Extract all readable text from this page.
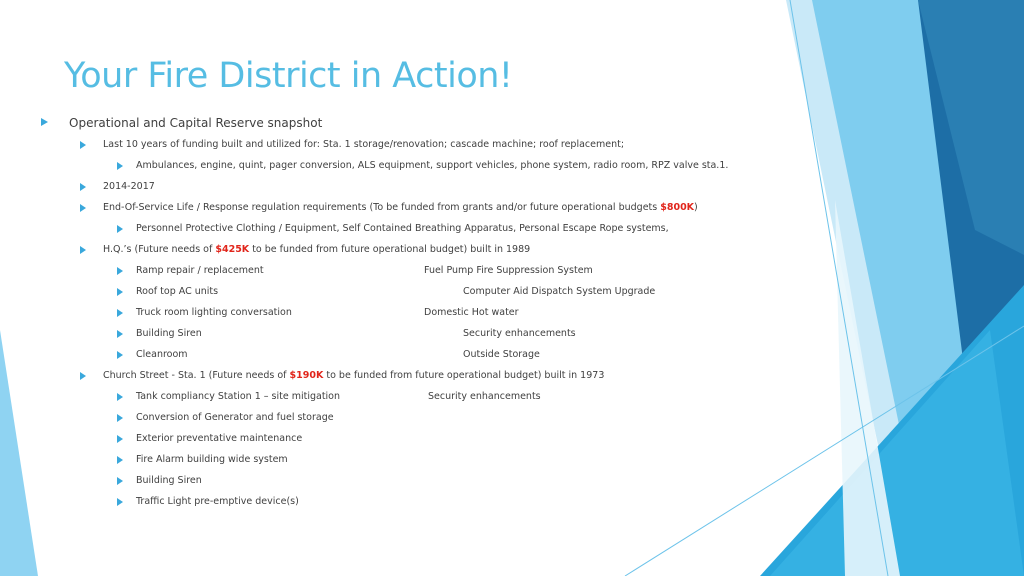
Your Fire District in Action!
Operational and Capital Reserve snapshot
Last 10 years of funding built and utilized for: Sta. 1 storage/renovation; cascade machine; roof replacement;
Ambulances, engine, quint, pager conversion, ALS equipment, support vehicles, phone system, radio room, RPZ valve sta.1.
2014-2017
End-Of-Service Life / Response regulation requirements (To be funded from grants and/or future operational budgets $800K)
Personnel Protective Clothing / Equipment, Self Contained Breathing Apparatus, Personal Escape Rope systems,
H.Q.’s (Future needs of $425K to be funded from future operational budget) built in 1989
Ramp repair / replacement	Fuel Pump Fire Suppression System
Roof top AC units	Computer Aid Dispatch System Upgrade
Truck room lighting conversation	Domestic Hot water
Building Siren	Security enhancements
Cleanroom	Outside Storage
Church Street - Sta. 1 (Future needs of $190K to be funded from future operational budget) built in 1973
Tank compliancy Station 1 – site mitigation	Security enhancements
Conversion of Generator and fuel storage
Exterior preventative maintenance
Fire Alarm building wide system
Building Siren
Traffic Light pre-emptive device(s)
